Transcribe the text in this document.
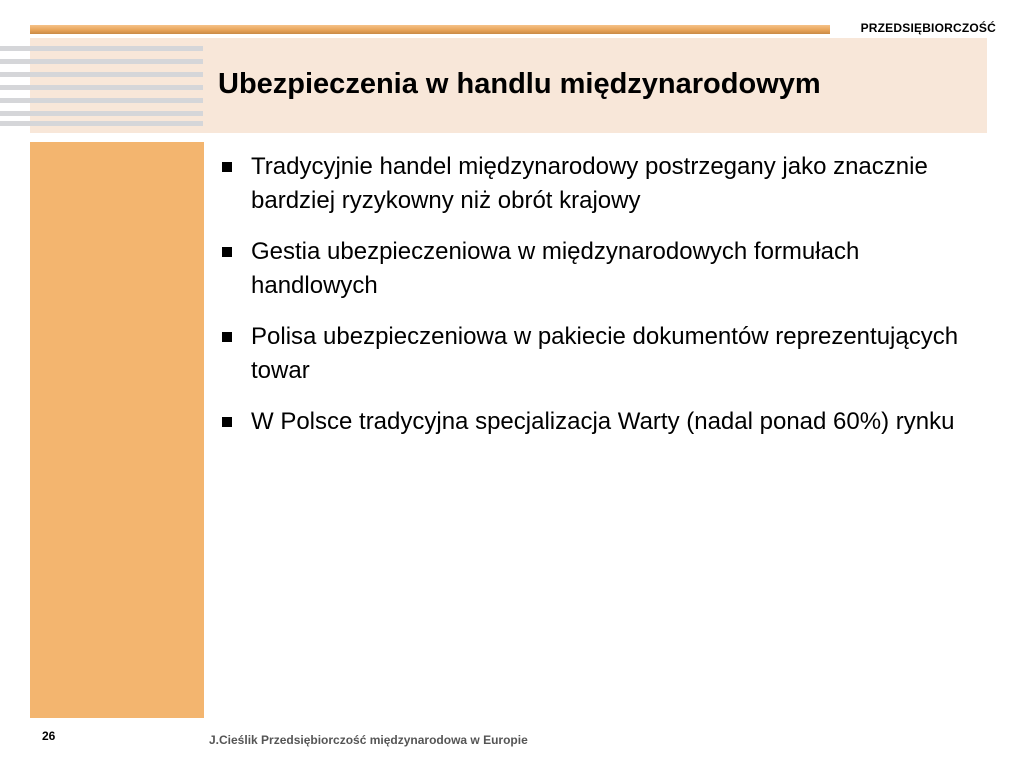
PRZEDSIĘBIORCZOŚĆ
Ubezpieczenia w handlu międzynarodowym
Tradycyjnie handel międzynarodowy postrzegany jako znacznie bardziej ryzykowny niż obrót krajowy
Gestia ubezpieczeniowa w międzynarodowych formułach handlowych
Polisa ubezpieczeniowa w pakiecie dokumentów reprezentujących towar
W Polsce tradycyjna specjalizacja Warty (nadal ponad 60%) rynku
26	J.Cieślik Przedsiębiorczość międzynarodowa w Europie
